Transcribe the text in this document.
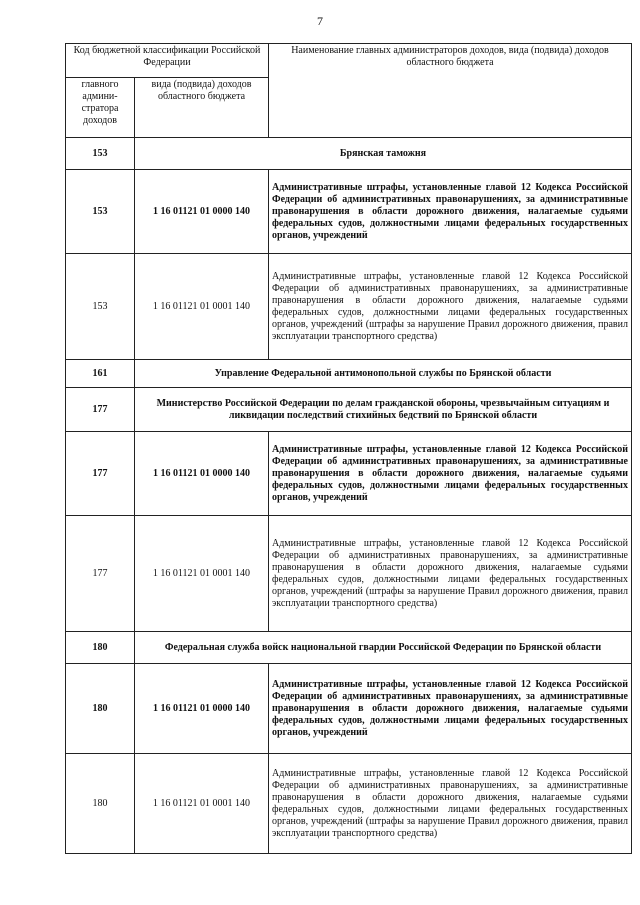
7
Код бюджетной классификации Российской Федерации		Наименование главных администраторов доходов, вида (подвида) доходов областного бюджета
главного админи-стратора доходов	вида (подвида) доходов областного бюджета	
153	Брянская таможня	
153	1 16 01121 01 0000 140	Административные штрафы, установленные главой 12 Кодекса Российской Федерации об административных правонарушениях, за административные правонарушения в области дорожного движения, налагаемые судьями федеральных судов, должностными лицами федеральных государственных органов, учреждений
153	1 16 01121 01 0001 140	Административные штрафы, установленные главой 12 Кодекса Российской Федерации об административных правонарушениях, за административные правонарушения в области дорожного движения, налагаемые судьями федеральных судов, должностными лицами федеральных государственных органов, учреждений (штрафы за нарушение Правил дорожного движения, правил эксплуатации транспортного средства)
161	Управление Федеральной антимонопольной службы по Брянской области	
177	Министерство Российской Федерации по делам гражданской обороны, чрезвычайным ситуациям и ликвидации последствий стихийных бедствий по Брянской области	
177	1 16 01121 01 0000 140	Административные штрафы, установленные главой 12 Кодекса Российской Федерации об административных правонарушениях, за административные правонарушения в области дорожного движения, налагаемые судьями федеральных судов, должностными лицами федеральных государственных органов, учреждений
177	1 16 01121 01 0001 140	Административные штрафы, установленные главой 12 Кодекса Российской Федерации об административных правонарушениях, за административные правонарушения в области дорожного движения, налагаемые судьями федеральных судов, должностными лицами федеральных государственных органов, учреждений (штрафы за нарушение Правил дорожного движения, правил эксплуатации транспортного средства)
180	Федеральная служба войск национальной гвардии Российской Федерации по Брянской области	
180	1 16 01121 01 0000 140	Административные штрафы, установленные главой 12 Кодекса Российской Федерации об административных правонарушениях, за административные правонарушения в области дорожного движения, налагаемые судьями федеральных судов, должностными лицами федеральных государственных органов, учреждений
180	1 16 01121 01 0001 140	Административные штрафы, установленные главой 12 Кодекса Российской Федерации об административных правонарушениях, за административные правонарушения в области дорожного движения, налагаемые судьями федеральных судов, должностными лицами федеральных государственных органов, учреждений (штрафы за нарушение Правил дорожного движения, правил эксплуатации транспортного средства)
